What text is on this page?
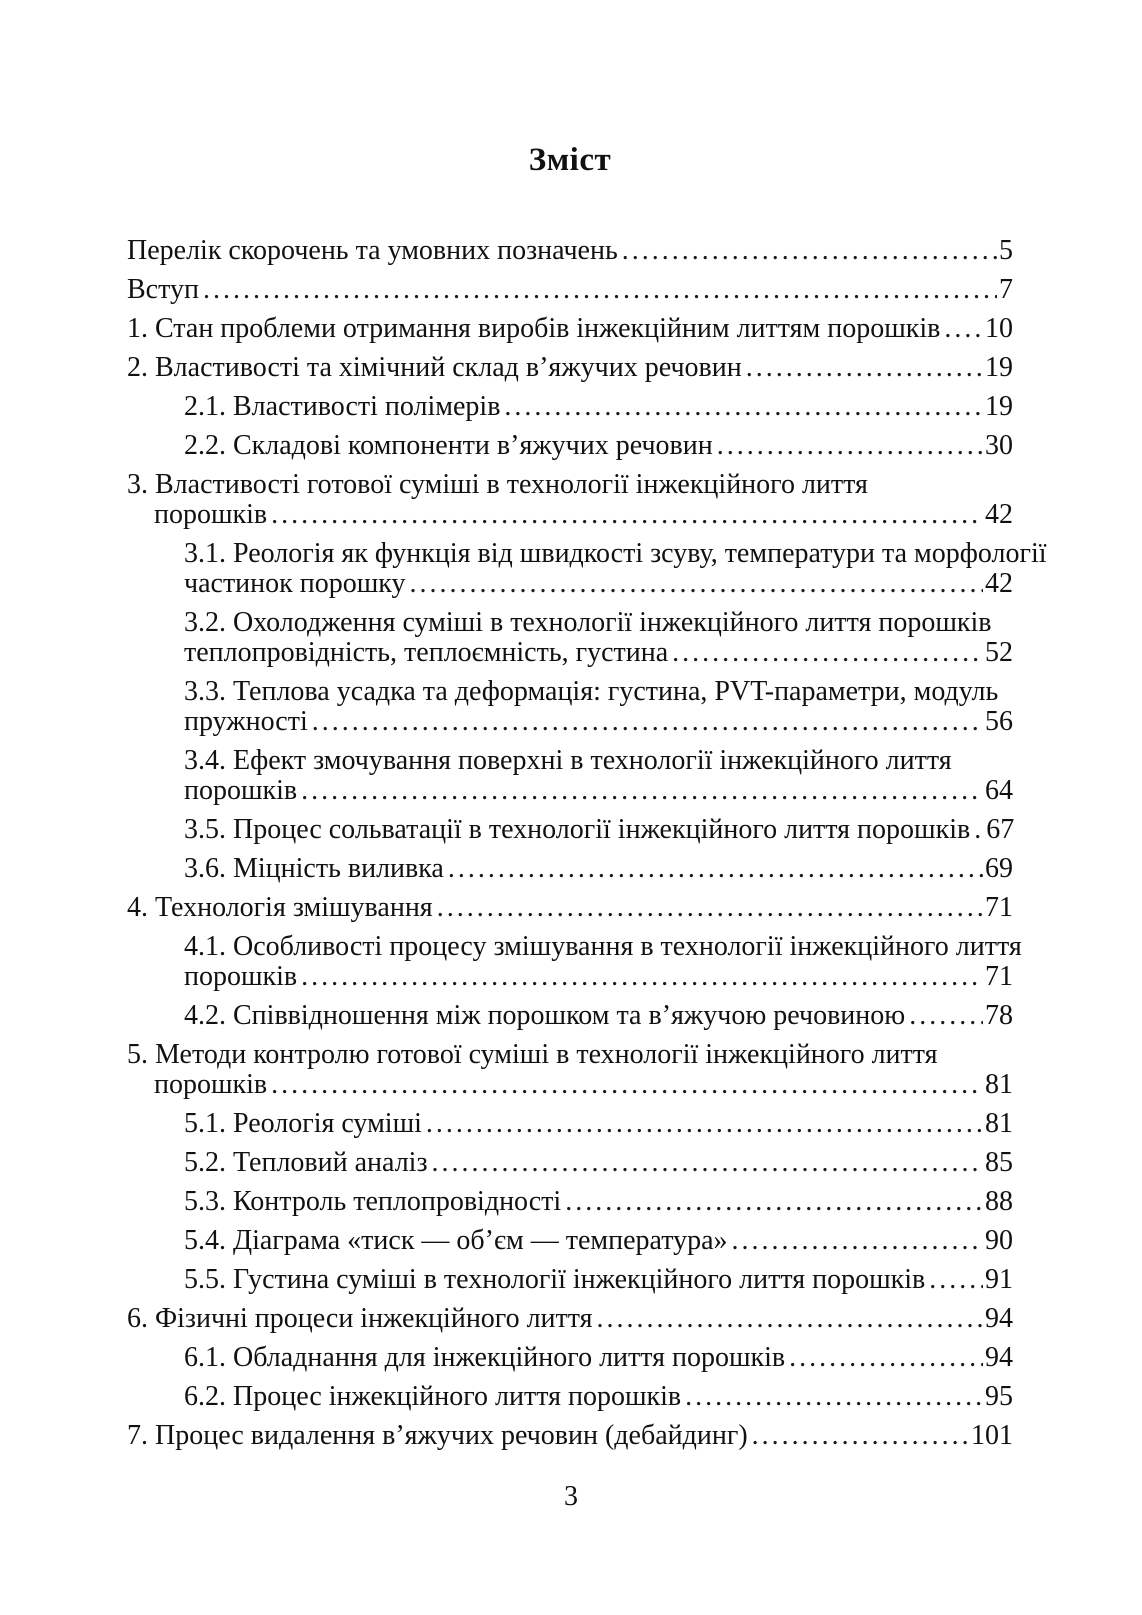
Зміст
Перелік скорочень та умовних позначень .....	5
Вступ .....	7
1. Стан проблеми отримання виробів інжекційним литтям порошків ..... 10
2. Властивості та хімічний склад в’яжучих речовин .....	19
2.1. Властивості полімерів .....	19
2.2. Складові компоненти в’яжучих речовин .....	30
3. Властивості готової суміші в технології інжекційного лиття
порошків .....	42
3.1. Реологія як функція від швидкості зсуву, температури та морфології
частинок порошку .....	42
3.2. Охолодження суміші в технології інжекційного лиття порошків
теплопровідність, теплоємність, густина .....	52
3.3. Теплова усадка та деформація: густина, PVT-параметри, модуль
пружності .....	56
3.4. Ефект змочування поверхні в технології інжекційного лиття
порошків .....	64
3.5. Процес сольватації в технології інжекційного лиття порошків ..... 67
3.6. Міцність виливка .....	69
4. Технологія змішування .....	71
4.1. Особливості процесу змішування в технології інжекційного лиття
порошків .....	71
4.2. Співвідношення між порошком та в’яжучою речовиною .....	78
5. Методи контролю готової суміші в технології інжекційного лиття
порошків .....	81
5.1. Реологія суміші .....	81
5.2. Тепловий аналіз .....	85
5.3. Контроль теплопровідності .....	88
5.4. Діаграма «тиск — об’єм — температура» .....	90
5.5. Густина суміші в технології інжекційного лиття порошків ..... 91
6. Фізичні процеси інжекційного лиття .....	94
6.1. Обладнання для інжекційного лиття порошків .....	94
6.2. Процес інжекційного лиття порошків .....	95
7. Процес видалення в’яжучих речовин (дебайдинг) .....	101
3
